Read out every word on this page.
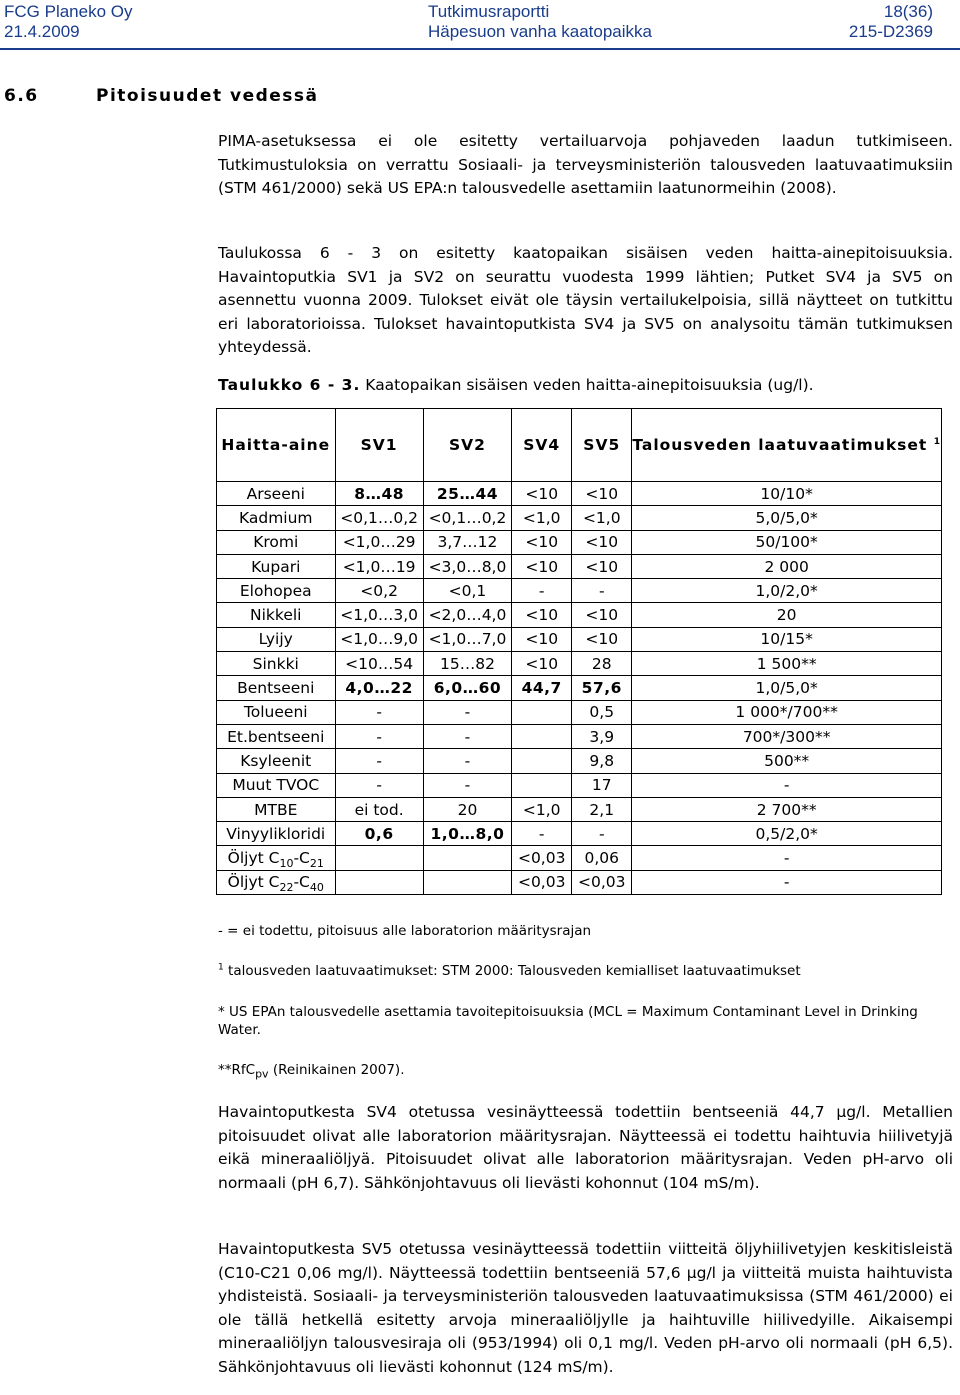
FCG Planeko Oy
21.4.2009
Tutkimusraportti
Häpesuon vanha kaatopaikka
18(36)
215-D2369
6.6	Pitoisuudet vedessä

PIMA-asetuksessa ei ole esitetty vertailuarvoja pohjaveden laadun tutkimiseen. Tutkimustuloksia on verrattu Sosiaali- ja terveysministeriön talousveden laatuvaatimuksiin (STM 461/2000) sekä US EPA:n talousvedelle asettamiin laatunormeihin (2008).

Taulukossa 6 - 3 on esitetty kaatopaikan sisäisen veden haitta-ainepitoisuuksia. Havaintoputkia SV1 ja SV2 on seurattu vuodesta 1999 lähtien; Putket SV4 ja SV5 on asennettu vuonna 2009. Tulokset eivät ole täysin vertailukelpoisia, sillä näytteet on tutkittu eri laboratorioissa. Tulokset havaintoputkista SV4 ja SV5 on analysoitu tämän tutkimuksen yhteydessä.

Taulukko 6 - 3. Kaatopaikan sisäisen veden haitta-ainepitoisuuksia (ug/l).
Haitta-aine	SV1	SV2	SV4	SV5	Talousveden laatuvaatimukset $^1$
Arseeni	8…48	25…44	<10	<10	10/10*
Kadmium	<0,1…0,2	<0,1…0,2	<1,0	<1,0	5,0/5,0*
Kromi	<1,0…29	3,7…12	<10	<10	50/100*
Kupari	<1,0…19	<3,0…8,0	<10	<10	2 000
Elohopea	<0,2	<0,1	-	-	1,0/2,0*
Nikkeli	<1,0…3,0	<2,0…4,0	<10	<10	20
Lyijy	<1,0…9,0	<1,0…7,0	<10	<10	10/15*
Sinkki	<10…54	15…82	<10	28	1 500**
Bentseeni	4,0…22	6,0…60	44,7	57,6	1,0/5,0*
Tolueeni	-	-		0,5	1 000*/700**
Et.bentseeni	-	-		3,9	700*/300**
Ksyleenit	-	-		9,8	500**
Muut TVOC	-	-		17	-
MTBE	ei tod.	20	<1,0	2,1	2 700**
Vinyylikloridi	0,6	1,0…8,0	-	-	0,5/2,0*
Öljyt $C_{10}-C_{21}$			<0,03	0,06	-
Öljyt $C_{22}-C_{40}$			<0,03	<0,03	-

- = ei todettu, pitoisuus alle laboratorion määritysrajan

$^1$ talousveden laatuvaatimukset: STM 2000: Talousveden kemialliset laatuvaatimukset

* US EPAn talousvedelle asettamia tavoitepitoisuuksia (MCL = Maximum Contaminant Level in Drinking Water.

**RfC$_{pv}$ (Reinikainen 2007).

Havaintoputkesta SV4 otetussa vesinäytteessä todettiin bentseeniä 44,7 µg/l. Metallien pitoisuudet olivat alle laboratorion määritysrajan. Näytteessä ei todettu haihtuvia hiilivetyjä eikä mineraaliöljyä. Pitoisuudet olivat alle laboratorion määritysrajan. Veden pH-arvo oli normaali (pH 6,7). Sähkönjohtavuus oli lievästi kohonnut (104 mS/m).

Havaintoputkesta SV5 otetussa vesinäytteessä todettiin viitteitä öljyhiilivetyjen keskitisleistä (C10-C21 0,06 mg/l). Näytteessä todettiin bentseeniä 57,6 µg/l ja viitteitä muista haihtuvista yhdisteistä. Sosiaali- ja terveysministeriön talousveden laatuvaatimuksissa (STM 461/2000) ei ole tällä hetkellä esitetty arvoja mineraaliöljylle ja haihtuville hiilivedyille. Aikaisempi mineraaliöljyn talousvesiraja oli (953/1994) oli 0,1 mg/l. Veden pH-arvo oli normaali (pH 6,5). Sähkönjohtavuus oli lievästi kohonnut (124 mS/m).
